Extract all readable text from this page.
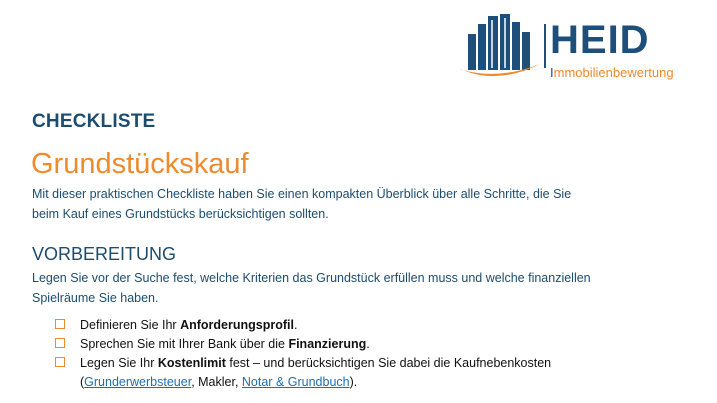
HEID
Immobilienbewertung
CHECKLISTE
Grundstückskauf
Mit dieser praktischen Checkliste haben Sie einen kompakten Überblick über alle Schritte, die Sie
beim Kauf eines Grundstücks berücksichtigen sollten.
VORBEREITUNG
Legen Sie vor der Suche fest, welche Kriterien das Grundstück erfüllen muss und welche finanziellen
Spielräume Sie haben.
Definieren Sie Ihr Anforderungsprofil.
Sprechen Sie mit Ihrer Bank über die Finanzierung.
Legen Sie Ihr Kostenlimit fest – und berücksichtigen Sie dabei die Kaufnebenkosten
(Grunderwerbsteuer, Makler, Notar & Grundbuch).
